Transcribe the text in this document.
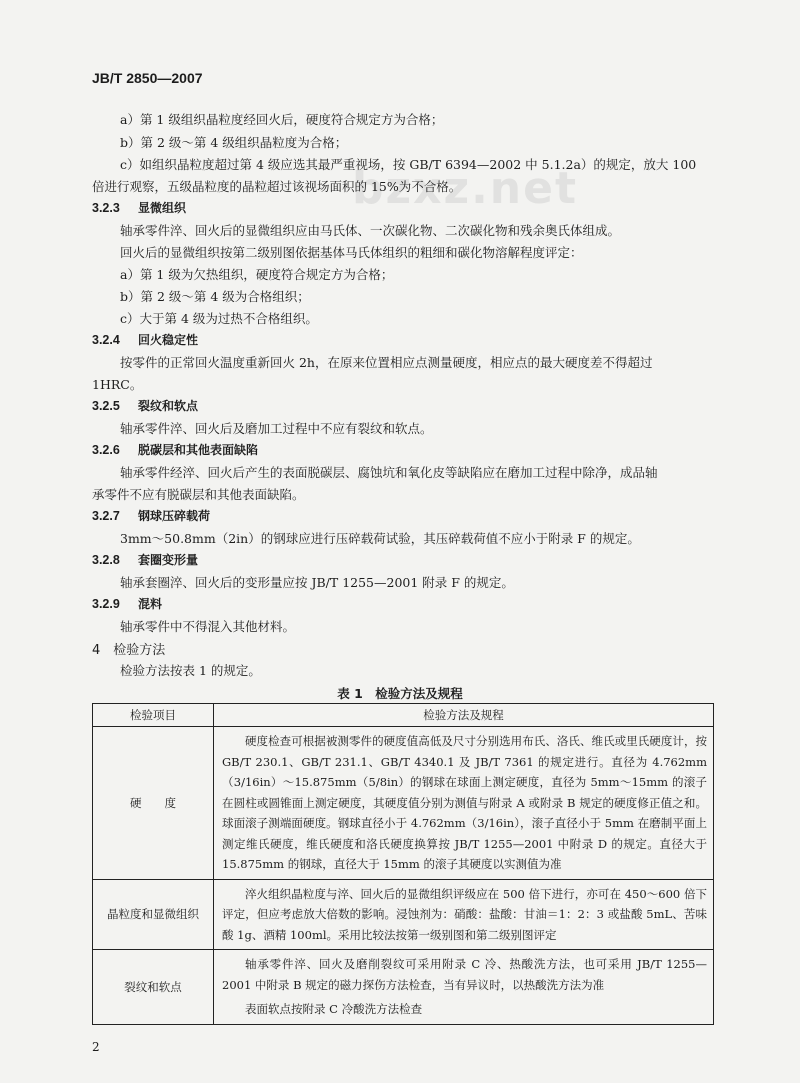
bzxz.net
JB/T 2850—2007
a）第 1 级组织晶粒度经回火后，硬度符合规定方为合格；
b）第 2 级～第 4 级组织晶粒度为合格；
c）如组织晶粒度超过第 4 级应选其最严重视场，按 GB/T 6394—2002 中 5.1.2a）的规定，放大 100
倍进行观察，五级晶粒度的晶粒超过该视场面积的 15%为不合格。
3.2.3 显微组织
轴承零件淬、回火后的显微组织应由马氏体、一次碳化物、二次碳化物和残余奥氏体组成。
回火后的显微组织按第二级别图依据基体马氏体组织的粗细和碳化物溶解程度评定：
a）第 1 级为欠热组织，硬度符合规定方为合格；
b）第 2 级～第 4 级为合格组织；
c）大于第 4 级为过热不合格组织。
3.2.4 回火稳定性
按零件的正常回火温度重新回火 2h，在原来位置相应点测量硬度，相应点的最大硬度差不得超过
1HRC。
3.2.5 裂纹和软点
轴承零件淬、回火后及磨加工过程中不应有裂纹和软点。
3.2.6 脱碳层和其他表面缺陷
轴承零件经淬、回火后产生的表面脱碳层、腐蚀坑和氧化皮等缺陷应在磨加工过程中除净，成品轴
承零件不应有脱碳层和其他表面缺陷。
3.2.7 钢球压碎载荷
3mm～50.8mm（2in）的钢球应进行压碎载荷试验，其压碎载荷值不应小于附录 F 的规定。
3.2.8 套圈变形量
轴承套圈淬、回火后的变形量应按 JB/T 1255—2001 附录 F 的规定。
3.2.9 混料
轴承零件中不得混入其他材料。
4　检验方法
检验方法按表 1 的规定。
表 1　检验方法及规程
检验项目	检验方法及规程
硬　　度	硬度检查可根据被测零件的硬度值高低及尺寸分别选用布氏、洛氏、维氏或里氏硬度计，按GB/T 230.1、GB/T 231.1、GB/T 4340.1 及 JB/T 7361 的规定进行。直径为 4.762mm（3/16in）～15.875mm（5/8in）的钢球在球面上测定硬度，直径为 5mm～15mm 的滚子在圆柱或圆锥面上测定硬度，其硬度值分别为测值与附录 A 或附录 B 规定的硬度修正值之和。球面滚子测端面硬度。钢球直径小于 4.762mm（3/16in），滚子直径小于 5mm 在磨制平面上测定维氏硬度，维氏硬度和洛氏硬度换算按 JB/T 1255—2001 中附录 D 的规定。直径大于 15.875mm 的钢球，直径大于 15mm 的滚子其硬度以实测值为准

晶粒度和显微组织	淬火组织晶粒度与淬、回火后的显微组织评级应在 500 倍下进行，亦可在 450～600 倍下评定，但应考虑放大倍数的影响。浸蚀剂为：硝酸：盐酸：甘油＝1：2：3 或盐酸 5mL、苦味酸 1g、酒精 100ml。采用比较法按第一级别图和第二级别图评定

裂纹和软点	轴承零件淬、回火及磨削裂纹可采用附录 C 冷、热酸洗方法，也可采用 JB/T 1255—2001 中附录 B 规定的磁力探伤方法检查，当有异议时，以热酸洗方法为准

表面软点按附录 C 冷酸洗方法检查

2
